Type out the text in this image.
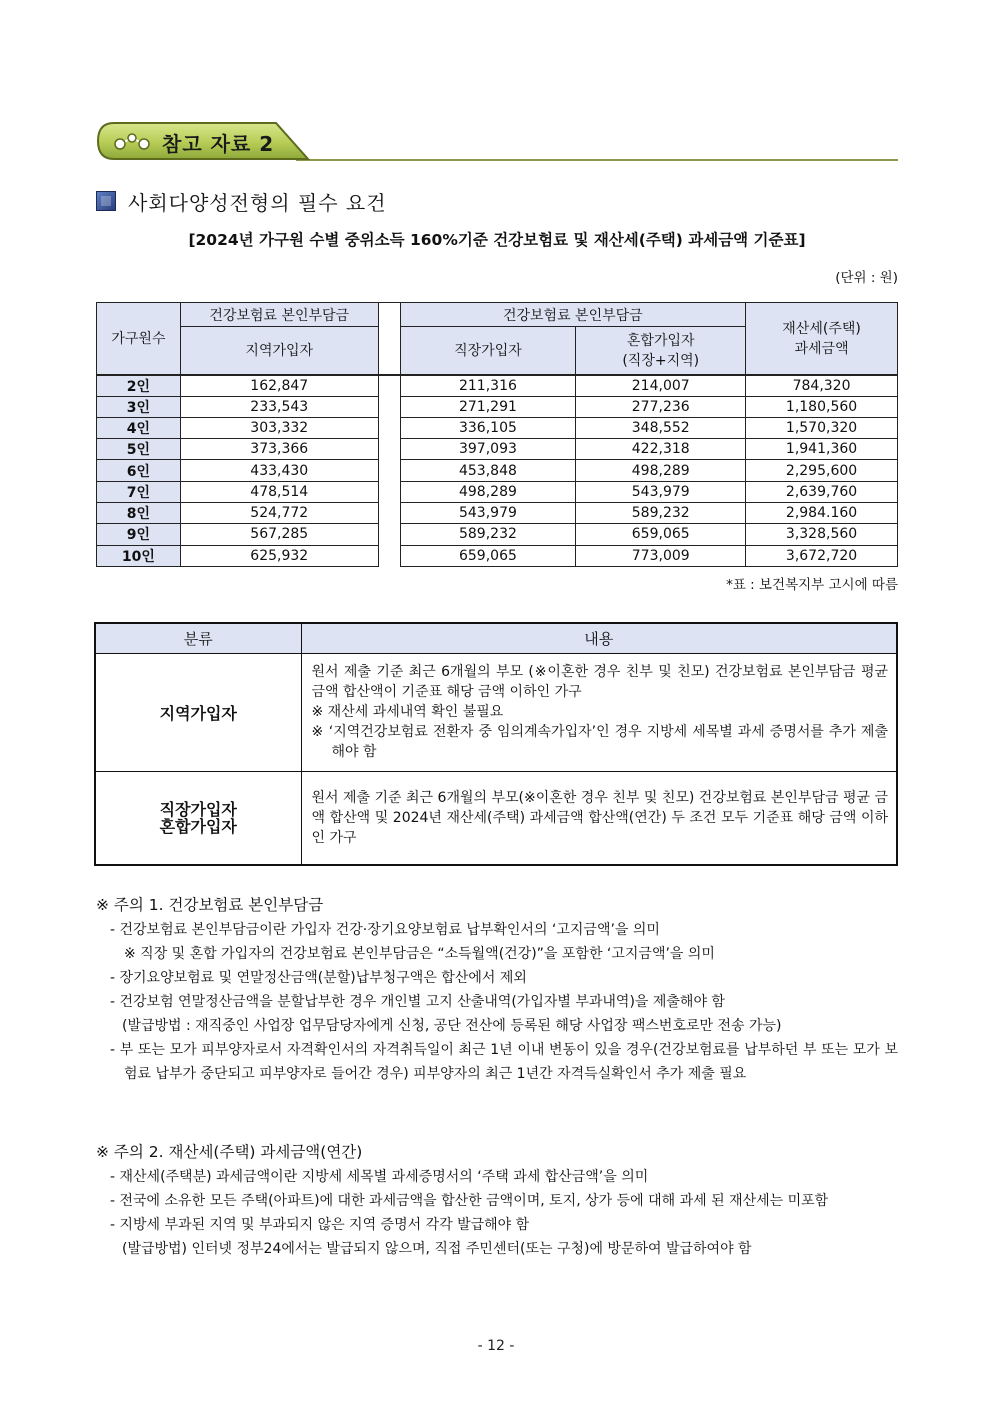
참고 자료 2
사회다양성전형의 필수 요건
[2024년 가구원 수별 중위소득 160%기준 건강보험료 및 재산세(주택) 과세금액 기준표]
(단위 : 원)
가구원수	건강보험료 본인부담금		건강보험료 본인부담금		재산세(주택)
과세금액

	지역가입자		직장가입자	혼합가입자
(직장+지역)	

2인	162,847		211,316	214,007	784,320
3인	233,543		271,291	277,236	1,180,560
4인	303,332		336,105	348,552	1,570,320
5인	373,366		397,093	422,318	1,941,360
6인	433,430		453,848	498,289	2,295,600
7인	478,514		498,289	543,979	2,639,760
8인	524,772		543,979	589,232	2,984.160
9인	567,285		589,232	659,065	3,328,560
10인	625,932		659,065	773,009	3,672,720
*표 : 보건복지부 고시에 따름
분류	내용
지역가입자	원서 제출 기준 최근 6개월의 부모 (※이혼한 경우 친부 및 친모) 건강보험료 본인부담금 평균 금액 합산액이 기준표 해당 금액 이하인 가구
※ 재산세 과세내역 확인 불필요
※ ‘지역건강보험료 전환자 중 임의계속가입자’인 경우 지방세 세목별 과세 증명서를 추가 제출해야 함

직장가입자
혼합가입자	원서 제출 기준 최근 6개월의 부모(※이혼한 경우 친부 및 친모) 건강보험료 본인부담금 평균 금액 합산액 및 2024년 재산세(주택) 과세금액 합산액(연간) 두 조건 모두 기준표 해당 금액 이하인 가구
※ 주의 1. 건강보험료 본인부담금
- 건강보험료 본인부담금이란 가입자 건강·장기요양보험료 납부확인서의 ‘고지금액’을 의미
※ 직장 및 혼합 가입자의 건강보험료 본인부담금은 “소득월액(건강)”을 포함한 ‘고지금액’을 의미
- 장기요양보험료 및 연말정산금액(분할)납부청구액은 합산에서 제외
- 건강보험 연말정산금액을 분할납부한 경우 개인별 고지 산출내역(가입자별 부과내역)을 제출해야 함
(발급방법 : 재직중인 사업장 업무담당자에게 신청, 공단 전산에 등록된 해당 사업장 팩스번호로만 전송 가능)
- 부 또는 모가 피부양자로서 자격확인서의 자격취득일이 최근 1년 이내 변동이 있을 경우(건강보험료를 납부하던 부 또는 모가 보험료 납부가 중단되고 피부양자로 들어간 경우) 피부양자의 최근 1년간 자격득실확인서 추가 제출 필요
※ 주의 2. 재산세(주택) 과세금액(연간)
- 재산세(주택분) 과세금액이란 지방세 세목별 과세증명서의 ‘주택 과세 합산금액’을 의미
- 전국에 소유한 모든 주택(아파트)에 대한 과세금액을 합산한 금액이며, 토지, 상가 등에 대해 과세 된 재산세는 미포함
- 지방세 부과된 지역 및 부과되지 않은 지역 증명서 각각 발급해야 함
(발급방법) 인터넷 정부24에서는 발급되지 않으며, 직접 주민센터(또는 구청)에 방문하여 발급하여야 함
- 12 -
